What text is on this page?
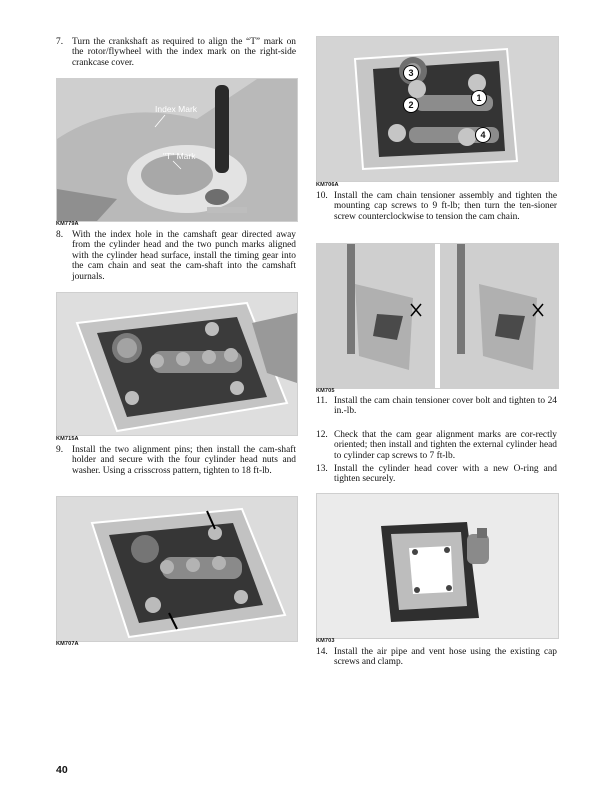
7. Turn the crankshaft as required to align the “T” mark on the rotor/flywheel with the index mark on the right-side crankcase cover.
Index Mark
"T" Mark
KM779A
8. With the index hole in the camshaft gear directed away from the cylinder head and the two punch marks aligned with the cylinder head surface, install the timing gear into the cam chain and seat the cam-shaft into the camshaft journals.
KM715A
9. Install the two alignment pins; then install the cam-shaft holder and secure with the four cylinder head nuts and washer. Using a crisscross pattern, tighten to 18 ft-lb.
KM707A
1
2
3
4
KM706A
10. Install the cam chain tensioner assembly and tighten the mounting cap screws to 9 ft-lb; then turn the ten-sioner screw counterclockwise to tension the cam chain.
KM705
11. Install the cam chain tensioner cover bolt and tighten to 24 in.-lb.
12. Check that the cam gear alignment marks are cor-rectly oriented; then install and tighten the external cylinder head to cylinder cap screws to 7 ft-lb.
13. Install the cylinder head cover with a new O-ring and tighten securely.
KM703
14. Install the air pipe and vent hose using the existing cap screws and clamp.
40
